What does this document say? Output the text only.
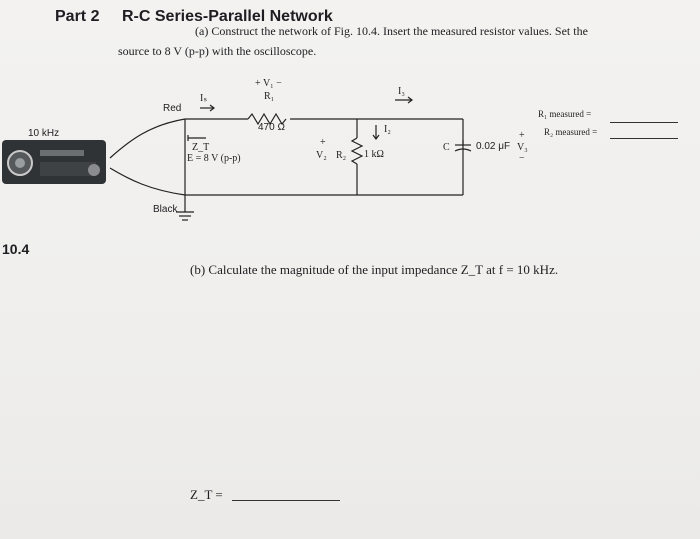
Part 2 R-C Series-Parallel Network
(a) Construct the network of Fig. 10.4. Insert the measured resistor values. Set the
source to 8 V (p-p) with the oscilloscope.
10.4
10 kHz
Red
Black
Iₛ
Z_T
E = 8 V (p-p)
+ V₁ −
R₁
470 Ω
+
V₂ R₂ 1 kΩ
I₂
I₃
C	0.02 μF
+
V₃
−
R₁ measured =
R₂ measured =
(b) Calculate the magnitude of the input impedance Z_T at f = 10 kHz.
Z_T =
